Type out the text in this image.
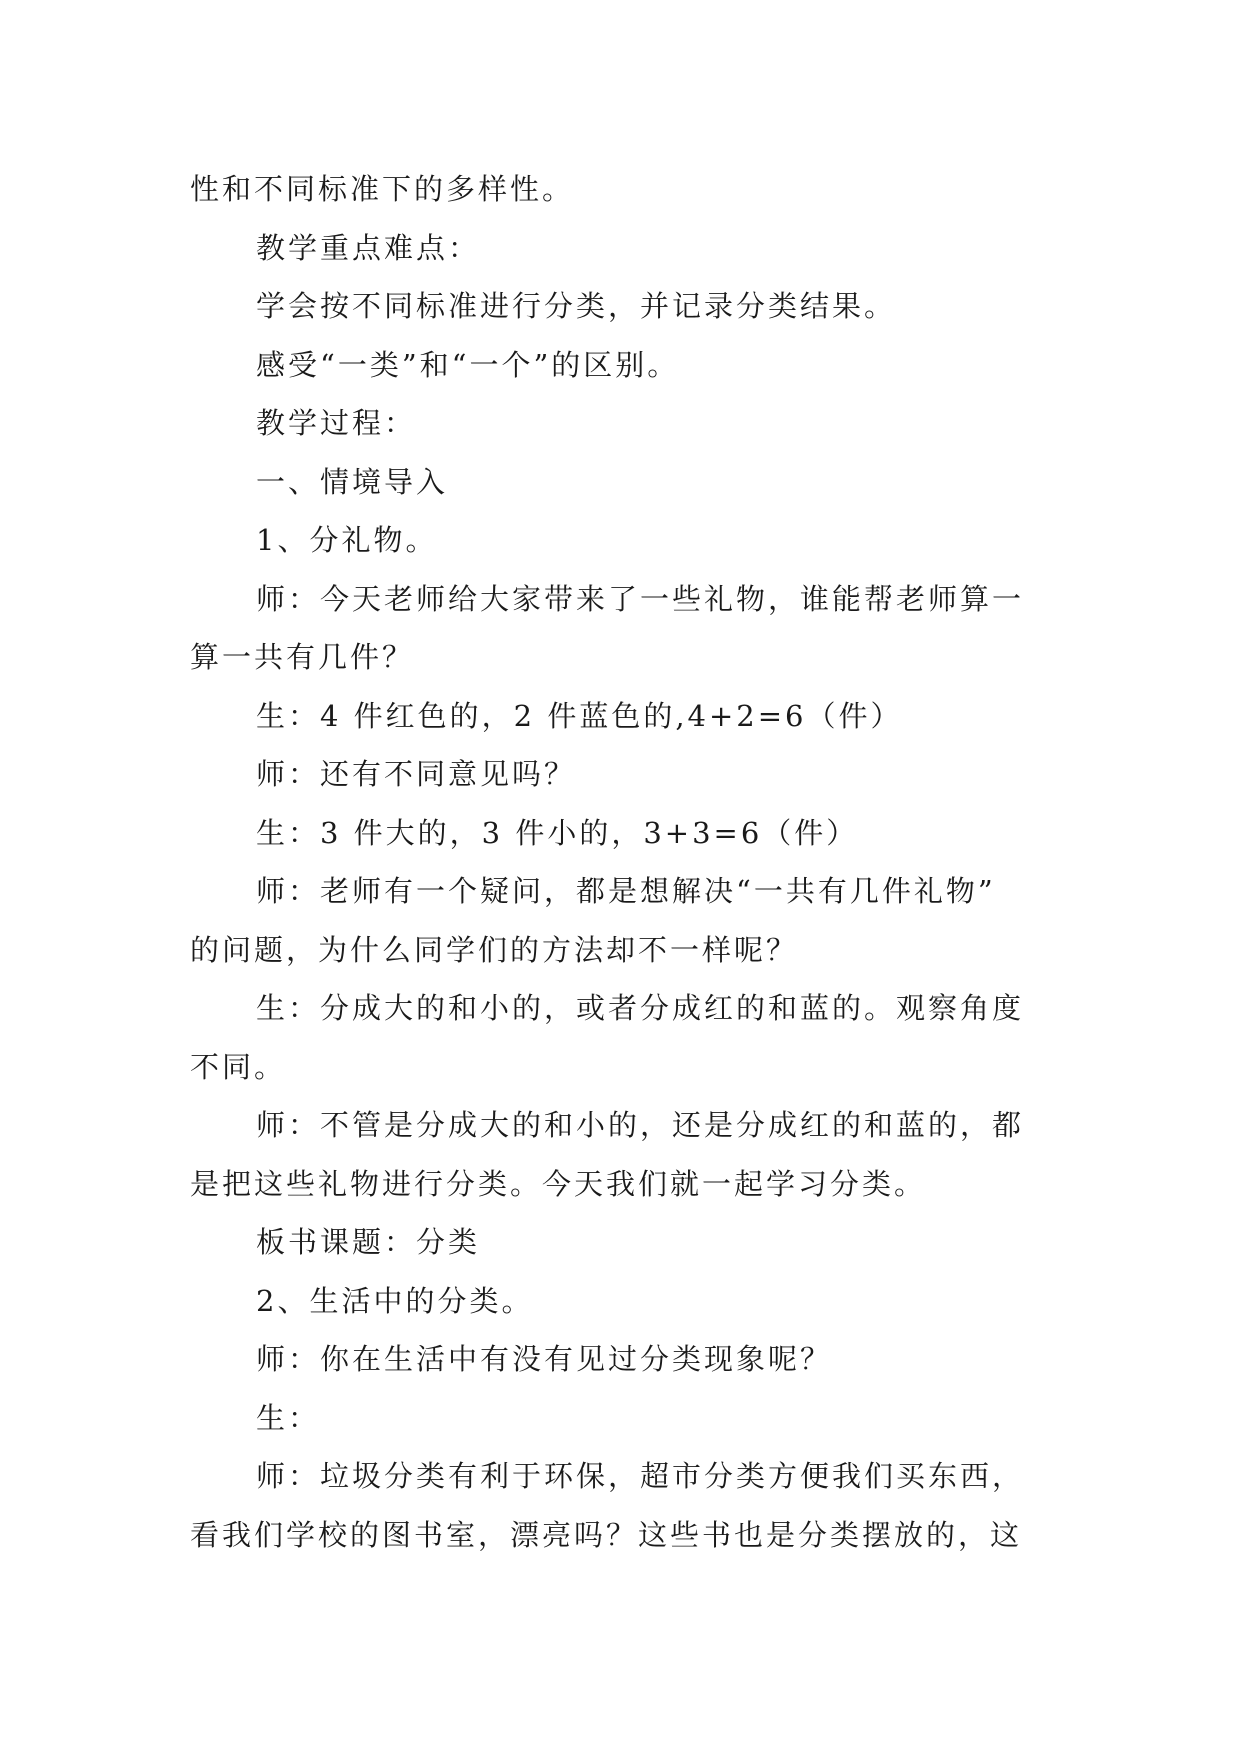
性和不同标准下的多样性。
教学重点难点：
学会按不同标准进行分类，并记录分类结果。
感受“一类”和“一个”的区别。
教学过程：
一、情境导入
1、分礼物。
师：今天老师给大家带来了一些礼物，谁能帮老师算一
算一共有几件？
生：4 件红色的，2 件蓝色的,4+2=6（件）
师：还有不同意见吗？
生：3 件大的，3 件小的，3+3=6（件）
师：老师有一个疑问，都是想解决“一共有几件礼物”
的问题，为什么同学们的方法却不一样呢？
生：分成大的和小的，或者分成红的和蓝的。观察角度
不同。
师：不管是分成大的和小的，还是分成红的和蓝的，都
是把这些礼物进行分类。今天我们就一起学习分类。
板书课题：分类
2、生活中的分类。
师：你在生活中有没有见过分类现象呢？
生：
师：垃圾分类有利于环保，超市分类方便我们买东西，
看我们学校的图书室，漂亮吗？这些书也是分类摆放的，这
